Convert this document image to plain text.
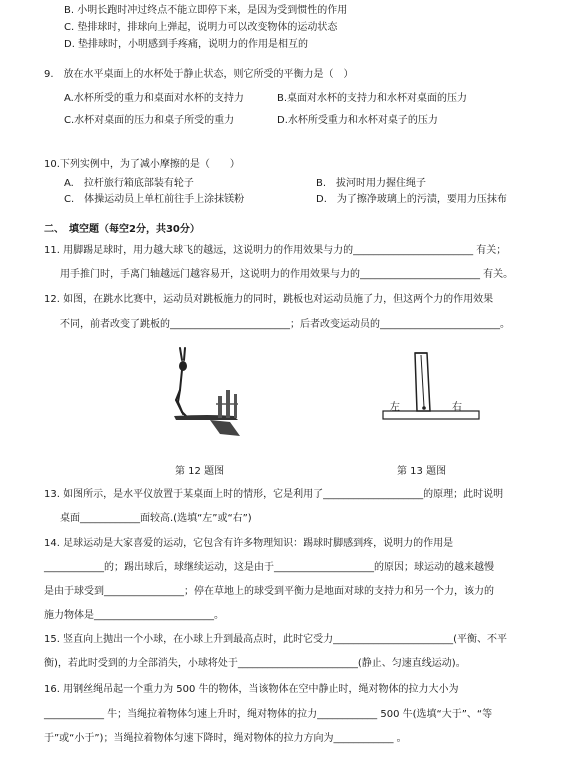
B. 小明长跑时冲过终点不能立即停下来，是因为受到惯性的作用
C. 垫排球时，排球向上弹起，说明力可以改变物体的运动状态
D. 垫排球时，小明感到手疼痛，说明力的作用是相互的
9.　放在水平桌面上的水杯处于静止状态，则它所受的平衡力是（　）
A.水杯所受的重力和桌面对水杯的支持力	B.桌面对水杯的支持力和水杯对桌面的压力
C.水杯对桌面的压力和桌子所受的重力	D.水杯所受重力和水杯对桌子的压力
10.下列实例中，为了减小摩擦的是（　　）
A.　拉杆旅行箱底部装有轮子	B.　拔河时用力握住绳子
C.　体操运动员上单杠前往手上涂抹镁粉	D.　为了擦净玻璃上的污渍，要用力压抹布
二、　填空题（每空2分，共30分）
11. 用脚踢足球时，用力越大球飞的越远，这说明力的作用效果与力的________________________ 有关；
用手推门时，手离门轴越远门越容易开，这说明力的作用效果与力的________________________ 有关。
12. 如图，在跳水比赛中，运动员对跳板施力的同时，跳板也对运动员施了力，但这两个力的作用效果
不同，前者改变了跳板的________________________；后者改变运动员的________________________。
第 12 题图
左	右
第 13 题图
13. 如图所示，是水平仪放置于某桌面上时的情形，它是利用了____________________的原理；此时说明
桌面____________面较高.(选填“左”或“右”)
14. 足球运动是大家喜爱的运动，它包含有许多物理知识：踢球时脚感到疼，说明力的作用是
____________的；踢出球后，球继续运动，这是由于____________________的原因；球运动的越来越慢
是由于球受到________________；停在草地上的球受到平衡力是地面对球的支持力和另一个力，该力的
施力物体是________________________。
15. 竖直向上抛出一个小球，在小球上升到最高点时，此时它受力________________________(平衡、不平
衡)，若此时受到的力全部消失，小球将处于________________________(静止、匀速直线运动)。
16. 用钢丝绳吊起一个重力为 500 牛的物体，当该物体在空中静止时，绳对物体的拉力大小为
____________ 牛；当绳拉着物体匀速上升时，绳对物体的拉力____________ 500 牛(选填“大于”、“等
于”或“小于”)；当绳拉着物体匀速下降时，绳对物体的拉力方向为____________ 。
